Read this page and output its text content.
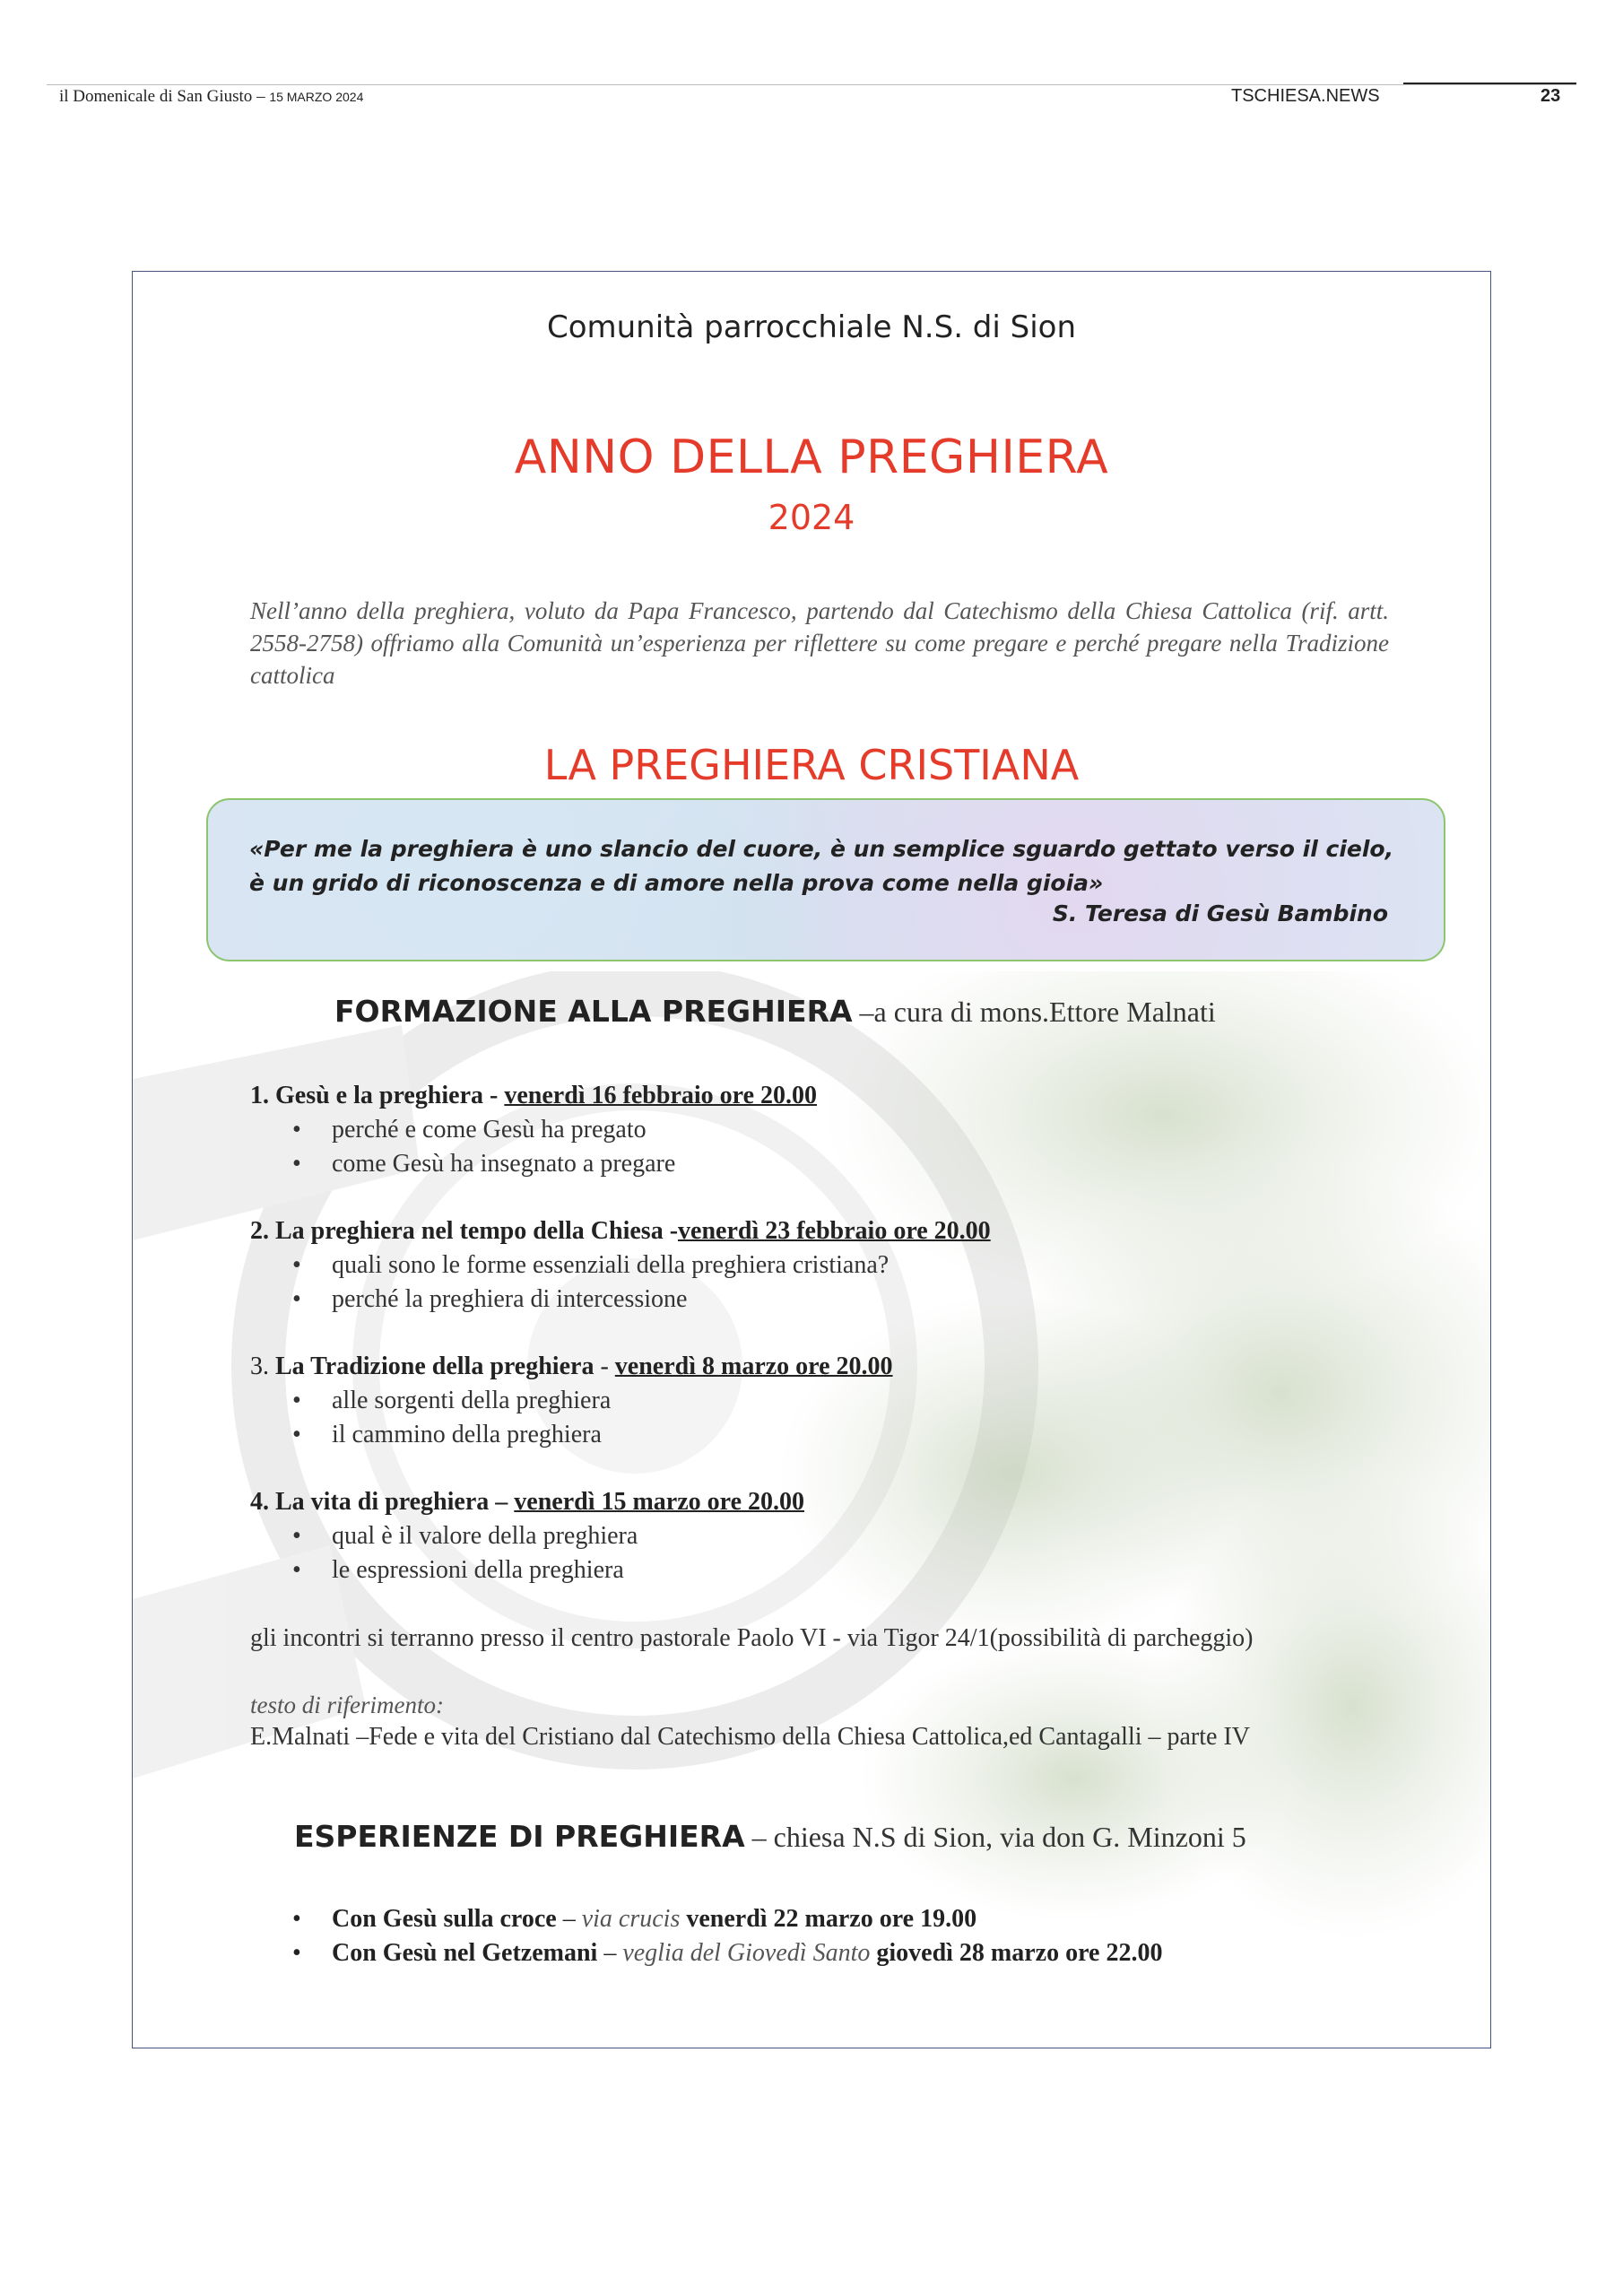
il Domenicale di San Giusto – 15 MARZO 2024	TSCHIESA.NEWS	23
Comunità parrocchiale N.S. di Sion
ANNO DELLA PREGHIERA
2024
Nell’anno della preghiera, voluto da Papa Francesco, partendo dal Catechismo della Chiesa Cattolica (rif. artt. 2558-2758) offriamo alla Comunità un’esperienza per riflettere su come pregare e perché pregare nella Tradizione cattolica
LA PREGHIERA CRISTIANA
«Per me la preghiera è uno slancio del cuore, è un semplice sguardo gettato verso il cielo, è un grido di riconoscenza e di amore nella prova come nella gioia»
S. Teresa di Gesù Bambino
FORMAZIONE ALLA PREGHIERA –a cura di mons.Ettore Malnati
1. Gesù e la preghiera - venerdì 16 febbraio ore 20.00
• perché e come Gesù ha pregato
• come Gesù ha insegnato a pregare
2. La preghiera nel tempo della Chiesa -venerdì 23 febbraio ore 20.00
• quali sono le forme essenziali della preghiera cristiana?
• perché la preghiera di intercessione
3. La Tradizione della preghiera - venerdì 8 marzo ore 20.00
• alle sorgenti della preghiera
• il cammino della preghiera
4. La vita di preghiera – venerdì 15 marzo ore 20.00
• qual è il valore della preghiera
• le espressioni della preghiera
gli incontri si terranno presso il centro pastorale Paolo VI - via Tigor 24/1(possibilità di parcheggio)
testo di riferimento:
E.Malnati –Fede e vita del Cristiano dal Catechismo della Chiesa Cattolica,ed Cantagalli – parte IV
ESPERIENZE DI PREGHIERA – chiesa N.S di Sion, via don G. Minzoni 5
• Con Gesù sulla croce – via crucis venerdì 22 marzo ore 19.00
• Con Gesù nel Getzemani – veglia del Giovedì Santo giovedì 28 marzo ore 22.00
